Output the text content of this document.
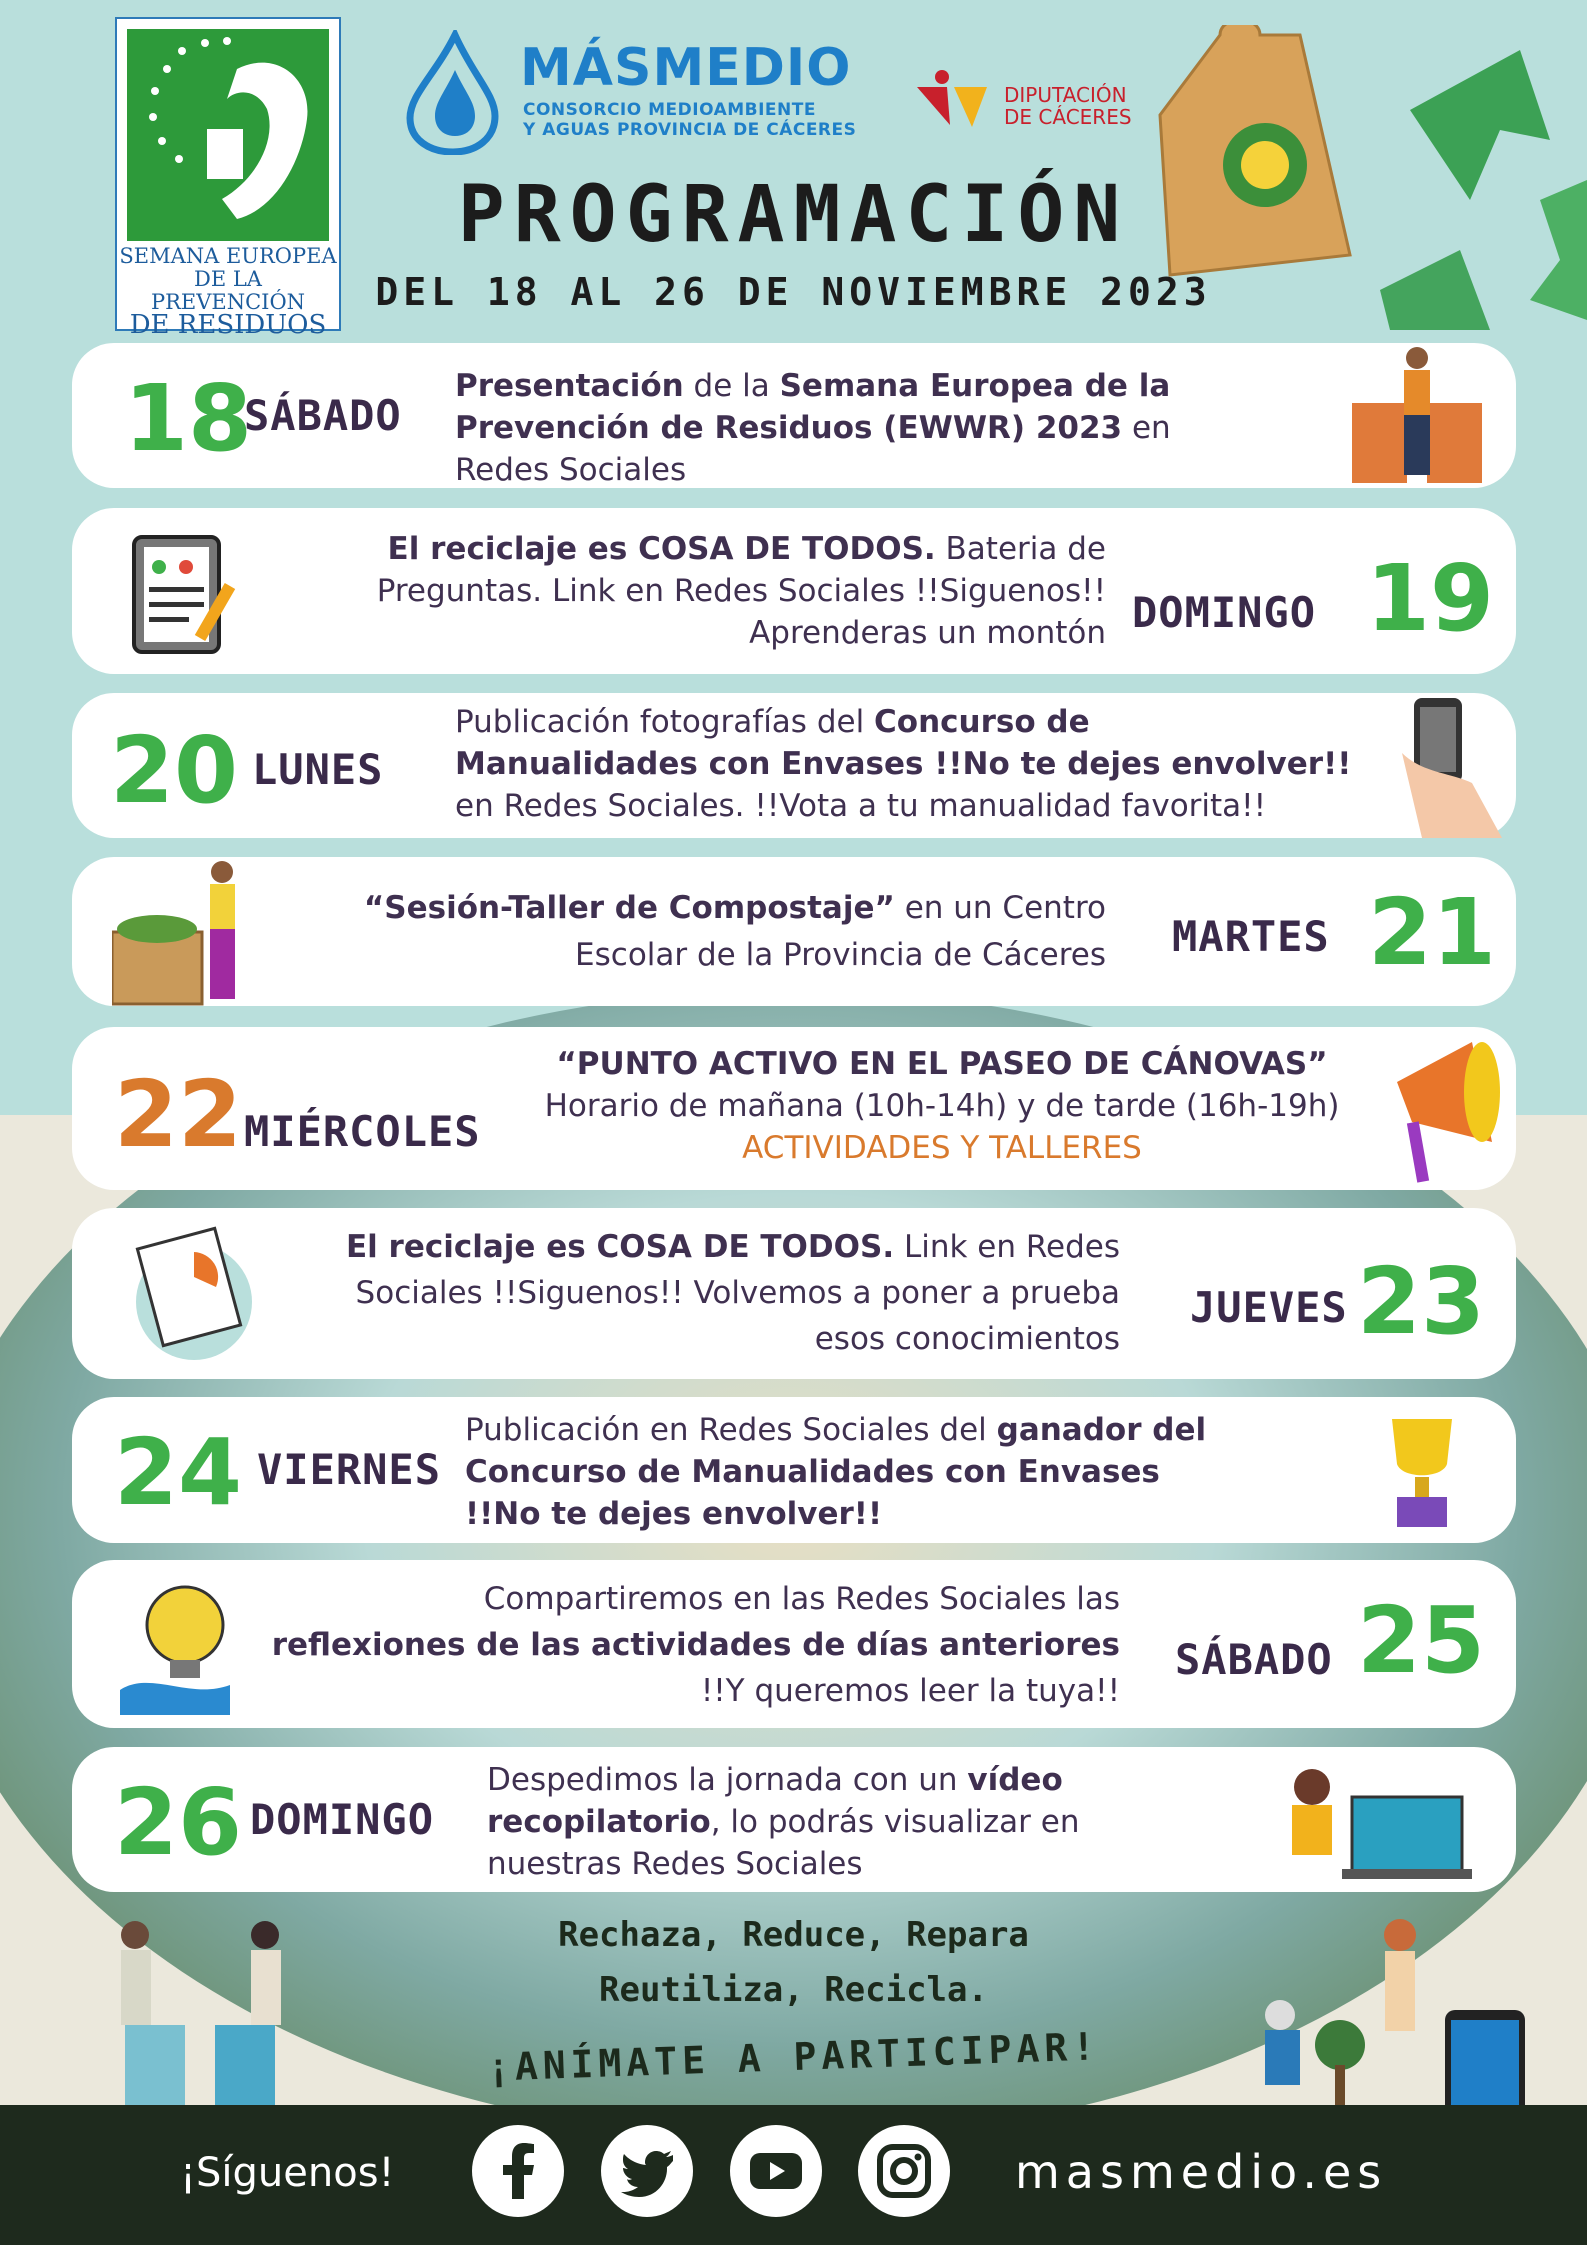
SEMANA EUROPEA
DE LA PREVENCIÓN
DE RESIDUOS
MÁSMEDIO
CONSORCIO MEDIOAMBIENTE
Y AGUAS PROVINCIA DE CÁCERES
DIPUTACIÓN
DE CÁCERES
PROGRAMACIÓN
DEL 18 AL 26 DE NOVIEMBRE 2023
18
SÁBADO
Presentación de la Semana Europea de la
Prevención de Residuos (EWWR) 2023 en
Redes Sociales
El reciclaje es COSA DE TODOS. Bateria de
Preguntas. Link en Redes Sociales !!Siguenos!!
Aprenderas un montón DOMINGO 19
20 LUNES
Publicación fotografías del Concurso de
Manualidades con Envases !!No te dejes envolver!!
en Redes Sociales. !!Vota a tu manualidad favorita!!
“Sesión-Taller de Compostaje” en un Centro
Escolar de la Provincia de Cáceres MARTES 21
22 MIÉRCOLES
“PUNTO ACTIVO EN EL PASEO DE CÁNOVAS”
Horario de mañana (10h-14h) y de tarde (16h-19h)
ACTIVIDADES Y TALLERES
El reciclaje es COSA DE TODOS. Link en Redes
Sociales !!Siguenos!! Volvemos a poner a prueba
esos conocimientos
JUEVES 23
24 VIERNES
Publicación en Redes Sociales del ganador del
Concurso de Manualidades con Envases
!!No te dejes envolver!!
Compartiremos en las Redes Sociales las
reflexiones de las actividades de días anteriores
!!Y queremos leer la tuya!!
SÁBADO 25
26 DOMINGO
Despedimos la jornada con un vídeo
recopilatorio, lo podrás visualizar en
nuestras Redes Sociales
Rechaza, Reduce, Repara
Reutiliza, Recicla.
¡ANÍMATE A PARTICIPAR!
¡Síguenos!	masmedio.es
